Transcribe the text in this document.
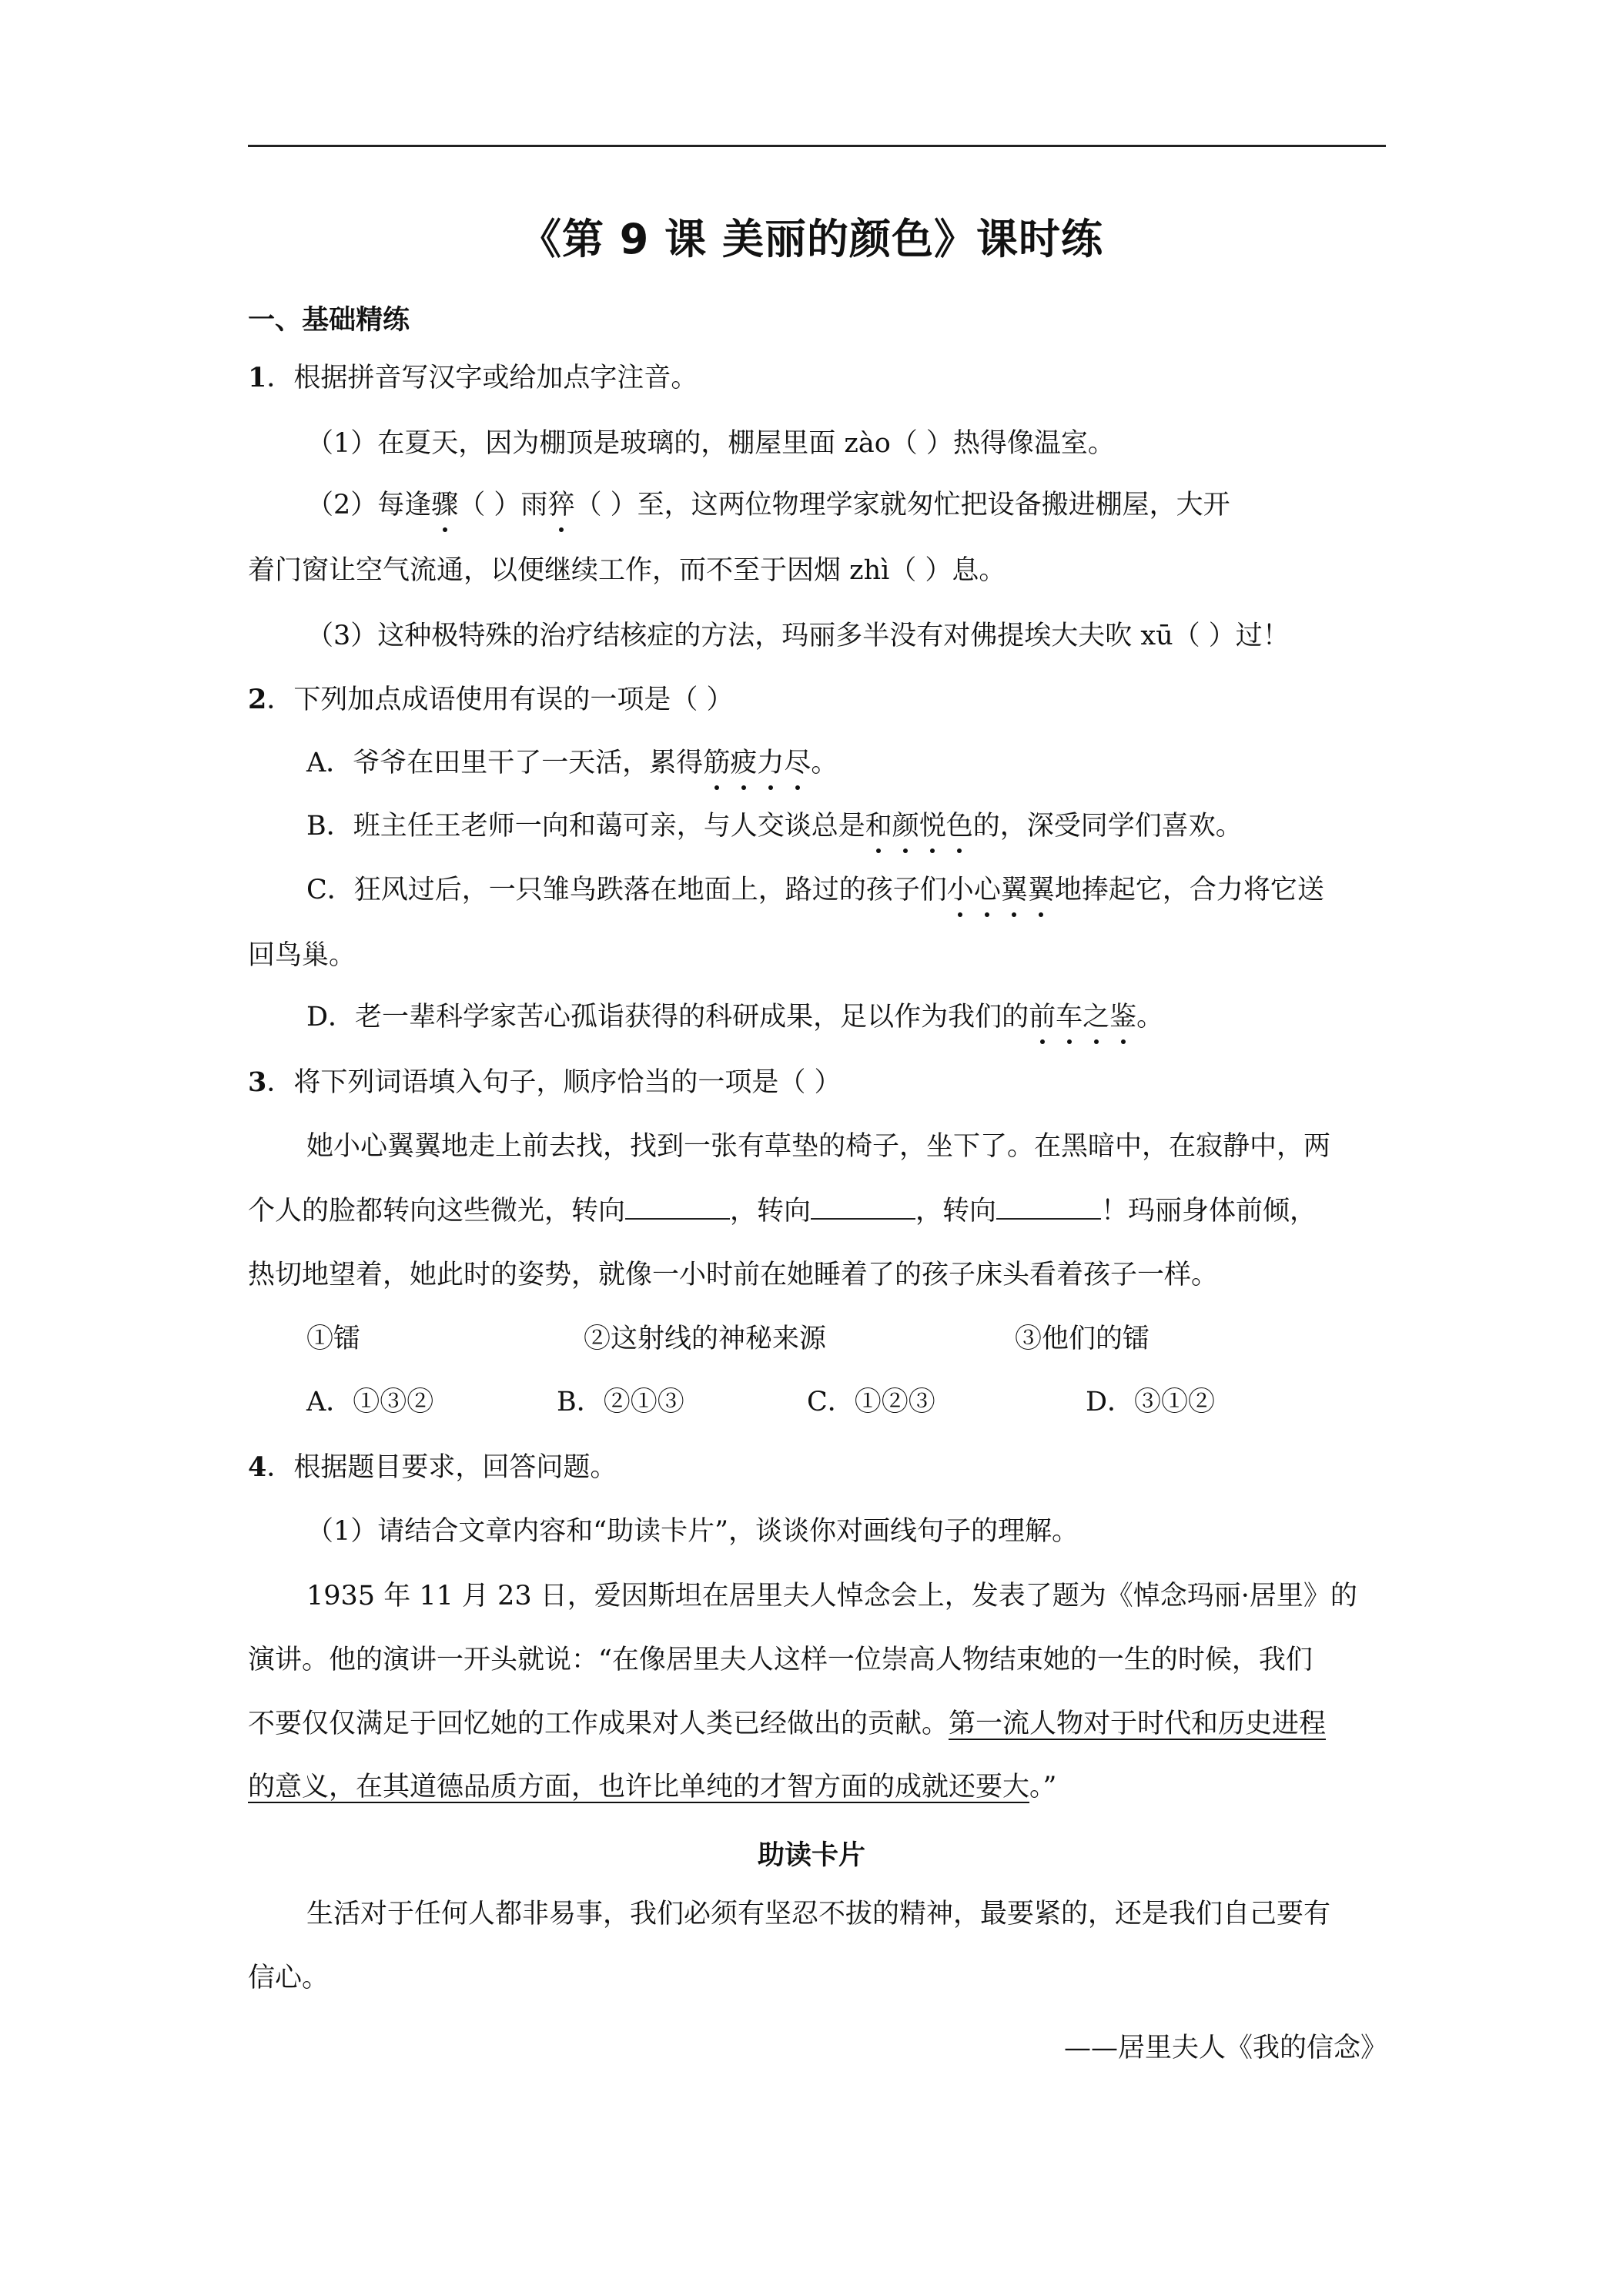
《第 9 课 美丽的颜色》课时练
一、基础精练
1．根据拼音写汉字或给加点字注音。
（1）在夏天，因为棚顶是玻璃的，棚屋里面 zào（ ）热得像温室。
（2）每逢骤（ ）雨猝（ ）至，这两位物理学家就匆忙把设备搬进棚屋，大开
着门窗让空气流通，以便继续工作，而不至于因烟 zhì（ ）息。
（3）这种极特殊的治疗结核症的方法，玛丽多半没有对佛提埃大夫吹 xū（ ）过！
2．下列加点成语使用有误的一项是（ ）
A．爷爷在田里干了一天活，累得筋疲力尽。
B．班主任王老师一向和蔼可亲，与人交谈总是和颜悦色的，深受同学们喜欢。
C．狂风过后，一只雏鸟跌落在地面上，路过的孩子们小心翼翼地捧起它，合力将它送
回鸟巢。
D．老一辈科学家苦心孤诣获得的科研成果，足以作为我们的前车之鉴。
3．将下列词语填入句子，顺序恰当的一项是（ ）
她小心翼翼地走上前去找，找到一张有草垫的椅子，坐下了。在黑暗中，在寂静中，两
个人的脸都转向这些微光，转向	，转向	，转向	！玛丽身体前倾，
热切地望着，她此时的姿势，就像一小时前在她睡着了的孩子床头看着孩子一样。
①镭	②这射线的神秘来源	③他们的镭
A．①③②	B．②①③	C．①②③	D．③①②
4．根据题目要求，回答问题。
（1）请结合文章内容和“助读卡片”，谈谈你对画线句子的理解。
1935 年 11 月 23 日，爱因斯坦在居里夫人悼念会上，发表了题为《悼念玛丽·居里》的
演讲。他的演讲一开头就说：“在像居里夫人这样一位崇高人物结束她的一生的时候，我们
不要仅仅满足于回忆她的工作成果对人类已经做出的贡献。第一流人物对于时代和历史进程
的意义，在其道德品质方面，也许比单纯的才智方面的成就还要大。”
助读卡片
生活对于任何人都非易事，我们必须有坚忍不拔的精神，最要紧的，还是我们自己要有
信心。
——居里夫人《我的信念》
